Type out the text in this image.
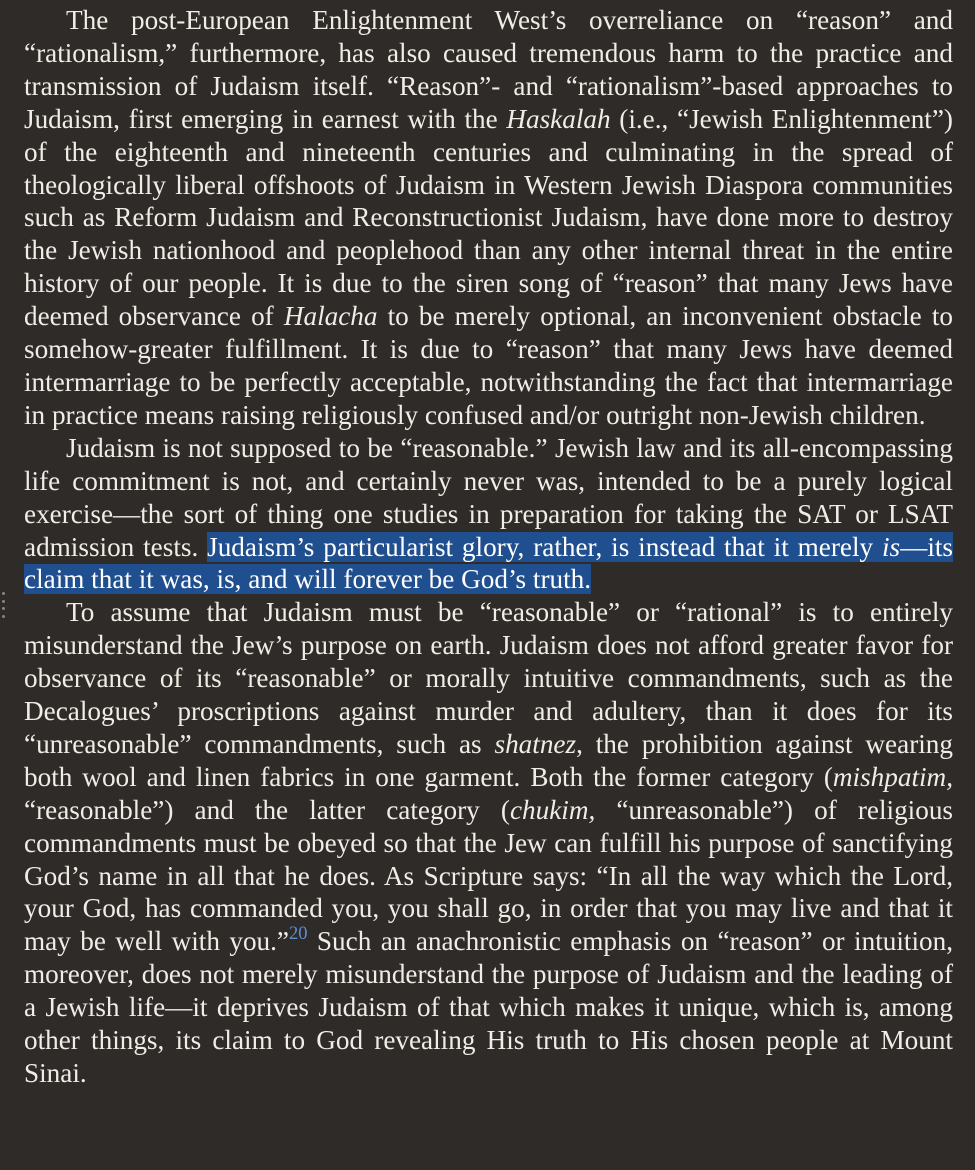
The post-European Enlightenment West’s overreliance on “reason” and “rationalism,” furthermore, has also caused tremendous harm to the practice and transmission of Judaism itself. “Reason”- and “rationalism”-based approaches to Judaism, first emerging in earnest with the Haskalah (i.e., “Jewish Enlightenment”) of the eighteenth and nineteenth centuries and culminating in the spread of theologically liberal offshoots of Judaism in Western Jewish Diaspora communities such as Reform Judaism and Reconstructionist Judaism, have done more to destroy the Jewish nationhood and peoplehood than any other internal threat in the entire history of our people. It is due to the siren song of “reason” that many Jews have deemed observance of Halacha to be merely optional, an inconvenient obstacle to somehow-greater fulfillment. It is due to “reason” that many Jews have deemed intermarriage to be perfectly acceptable, notwithstanding the fact that intermarriage in practice means raising religiously confused and/or outright non-Jewish children.

Judaism is not supposed to be “reasonable.” Jewish law and its all-encompassing life commitment is not, and certainly never was, intended to be a purely logical exercise—the sort of thing one studies in preparation for taking the SAT or LSAT admission tests. Judaism’s particularist glory, rather, is instead that it merely is—its claim that it was, is, and will forever be God’s truth.

To assume that Judaism must be “reasonable” or “rational” is to entirely misunderstand the Jew’s purpose on earth. Judaism does not afford greater favor for observance of its “reasonable” or morally intuitive commandments, such as the Decalogues’ proscriptions against murder and adultery, than it does for its “unreasonable” commandments, such as shatnez, the prohibition against wearing both wool and linen fabrics in one garment. Both the former category (mishpatim, “reasonable”) and the latter category (chukim, “unreasonable”) of religious commandments must be obeyed so that the Jew can fulfill his purpose of sanctifying God’s name in all that he does. As Scripture says: “In all the way which the Lord, your God, has commanded you, you shall go, in order that you may live and that it may be well with you.”$^{20}$ Such an anachronistic emphasis on “reason” or intuition, moreover, does not merely misunderstand the purpose of Judaism and the leading of a Jewish life—it deprives Judaism of that which makes it unique, which is, among other things, its claim to God revealing His truth to His chosen people at Mount Sinai.
